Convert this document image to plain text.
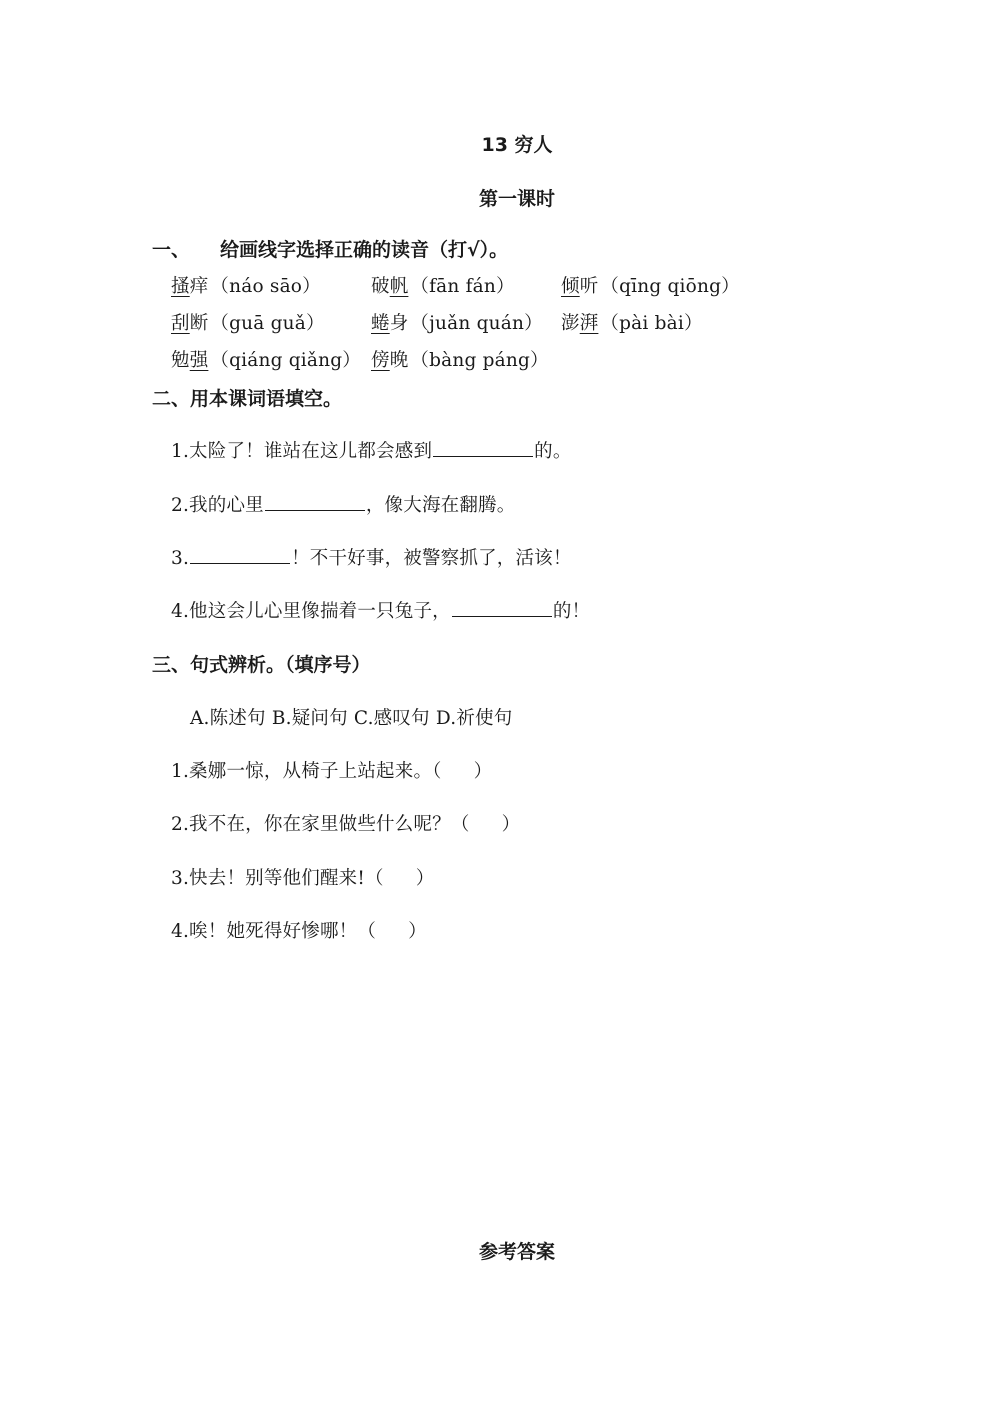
13 穷人
第一课时
一、 给画线字选择正确的读音（打√）。
搔痒 （náo sāo）	破帆 （fān fán）	倾听 （qīng qiōng）
刮断 （guā guǎ）	蜷身 （juǎn quán） 澎湃 （pài bài）
勉强 （qiáng qiǎng） 傍晚 （bàng páng）
二、用本课词语填空。
1.太险了！谁站在这儿都会感到	的。
2.我的心里	，像大海在翻腾。
3.	！不干好事，被警察抓了，活该！
4.他这会儿心里像揣着一只兔子，	的！
三、句式辨析。（填序号）
A.陈述句 B.疑问句 C.感叹句 D.祈使句
1.桑娜一惊，从椅子上站起来。（ ）
2.我不在，你在家里做些什么呢？（ ）
3.快去！别等他们醒来!（ ）
4.唉！她死得好惨哪！（ ）
参考答案
